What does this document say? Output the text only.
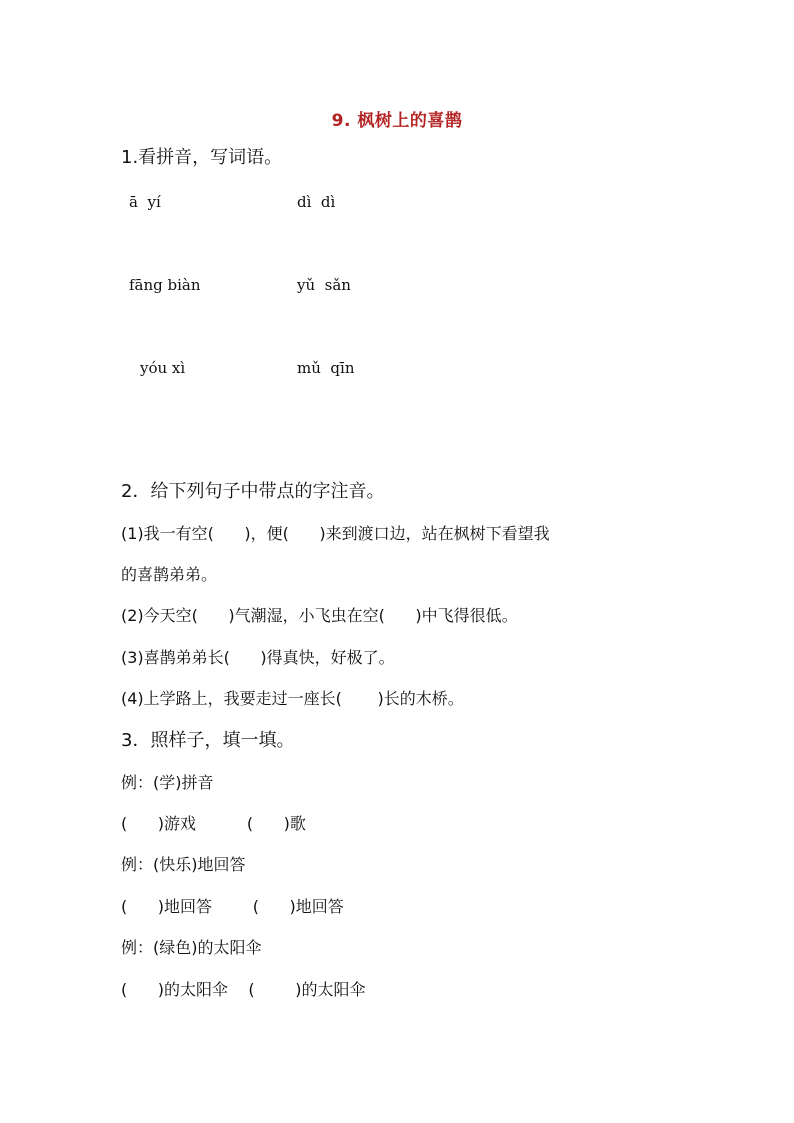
9. 枫树上的喜鹊
1.看拼音，写词语。
ā  yí	dì  dì
fāng biàn	yǔ  sǎn
yóu xì	mǔ  qīn
2．给下列句子中带点的字注音。
(1)我一有空(      )，便(      )来到渡口边，站在枫树下看望我
的喜鹊弟弟。
(2)今天空(      )气潮湿，小飞虫在空(      )中飞得很低。
(3)喜鹊弟弟长(      )得真快，好极了。
(4)上学路上，我要走过一座长(       )长的木桥。
3．照样子，填一填。
例：(学)拼音
(      )游戏          (      )歌
例：(快乐)地回答
(      )地回答        (      )地回答
例：(绿色)的太阳伞
(      )的太阳伞    (        )的太阳伞
